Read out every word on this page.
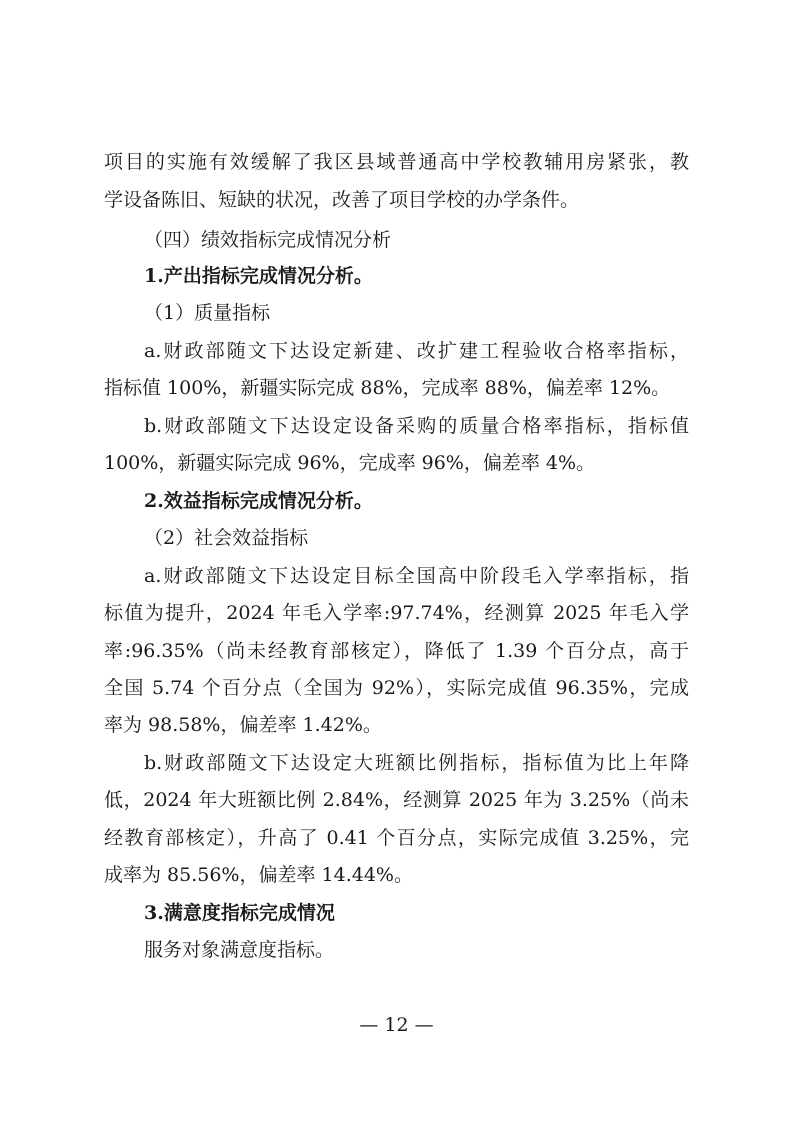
项目的实施有效缓解了我区县域普通高中学校教辅用房紧张，教
学设备陈旧、短缺的状况，改善了项目学校的办学条件。
（四）绩效指标完成情况分析
1.产出指标完成情况分析。
（1）质量指标
a.财政部随文下达设定新建、改扩建工程验收合格率指标，
指标值 100%，新疆实际完成 88%，完成率 88%，偏差率 12%。
b.财政部随文下达设定设备采购的质量合格率指标，指标值
100%，新疆实际完成 96%，完成率 96%，偏差率 4%。
2.效益指标完成情况分析。
（2）社会效益指标
a.财政部随文下达设定目标全国高中阶段毛入学率指标，指
标值为提升，2024 年毛入学率:97.74%，经测算 2025 年毛入学
率:96.35%（尚未经教育部核定），降低了 1.39 个百分点，高于
全国 5.74 个百分点（全国为 92%），实际完成值 96.35%，完成
率为 98.58%，偏差率 1.42%。
b.财政部随文下达设定大班额比例指标，指标值为比上年降
低，2024 年大班额比例 2.84%，经测算 2025 年为 3.25%（尚未
经教育部核定），升高了 0.41 个百分点，实际完成值 3.25%，完
成率为 85.56%，偏差率 14.44%。
3.满意度指标完成情况
服务对象满意度指标。
— 12 —
